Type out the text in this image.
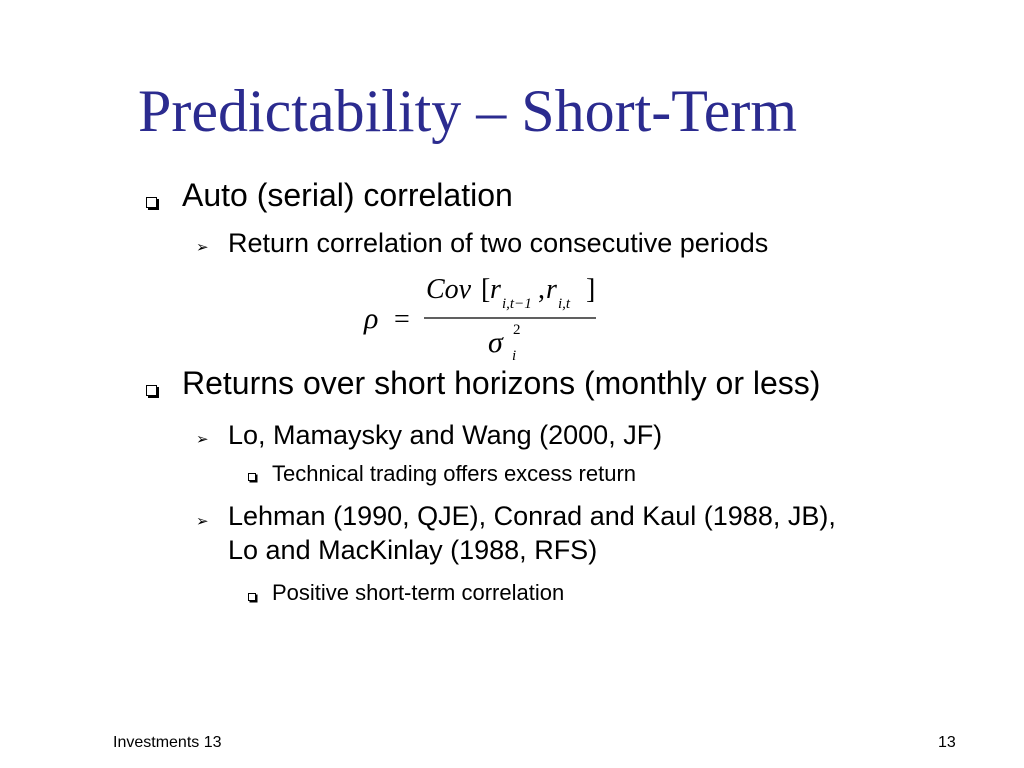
Predictability – Short-Term
Auto (serial) correlation
➢ Return correlation of two consecutive periods
ρ =
Cov [ r i,t−1 , r i,t ]
σ 2
i
Returns over short horizons (monthly or less)
➢ Lo, Mamaysky and Wang (2000, JF)
Technical trading offers excess return
➢ Lehman (1990, QJE), Conrad and Kaul (1988, JB),
Lo and MacKinlay (1988, RFS)
Positive short-term correlation
Investments 13	13
